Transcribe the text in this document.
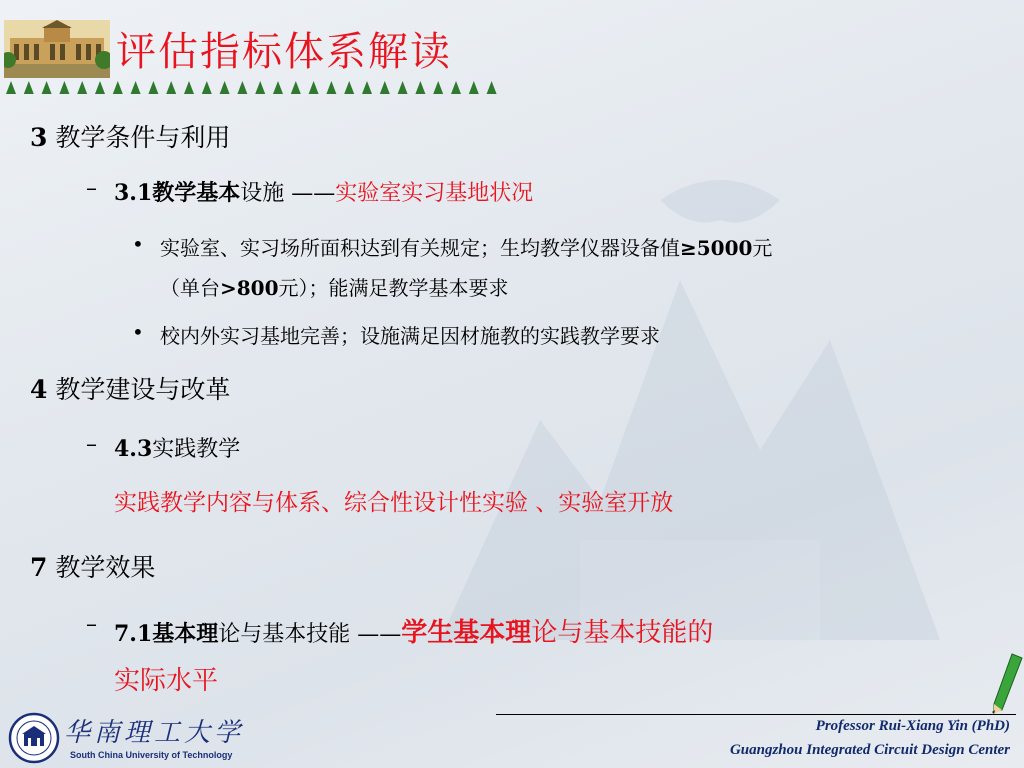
评估指标体系解读
3 教学条件与利用
– 3.1教学基本设施 ——实验室实习基地状况
• 实验室、实习场所面积达到有关规定；生均教学仪器设备值≥5000元
（单台>800元）；能满足教学基本要求
• 校内外实习基地完善；设施满足因材施教的实践教学要求
4 教学建设与改革
– 4.3实践教学
实践教学内容与体系、综合性设计性实验 、实验室开放
7 教学效果
– 7.1基本理论与基本技能 ——学生基本理论与基本技能的
实际水平
Professor Rui-Xiang Yin (PhD)
Guangzhou Integrated Circuit Design Center
华南理工大学
South China University of Technology
